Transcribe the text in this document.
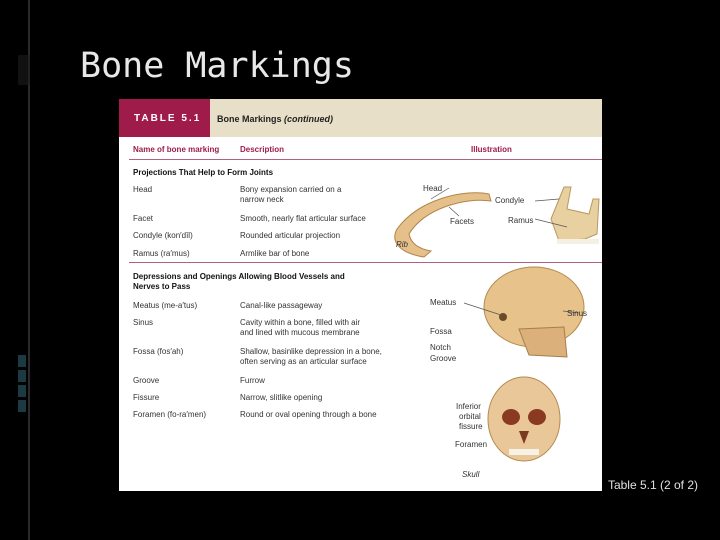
Bone Markings
TABLE 5.1 Bone Markings (continued)
Name of bone marking	Description	Illustration
Projections That Help to Form Joints
Head	Bony expansion carried on a
narrow neck
Facet	Smooth, nearly flat articular surface
Condyle (kon′dīl)	Rounded articular projection
Ramus (ra′mus)	Armlike bar of bone
Depressions and Openings Allowing Blood Vessels and
Nerves to Pass
Meatus (me-a′tus)	Canal-like passageway
Sinus	Cavity within a bone, filled with air
and lined with mucous membrane
Fossa (fos′ah)	Shallow, basinlike depression in a bone,
often serving as an articular surface
Groove	Furrow
Fissure	Narrow, slitlike opening
Foramen (fo-ra′men)	Round or oval opening through a bone
Head
Condyle
Facets	Ramus
Rib
Meatus
Sinus
Fossa
Notch
Groove
Inferior
orbital
fissure
Foramen
Skull
Table 5.1 (2 of 2)
